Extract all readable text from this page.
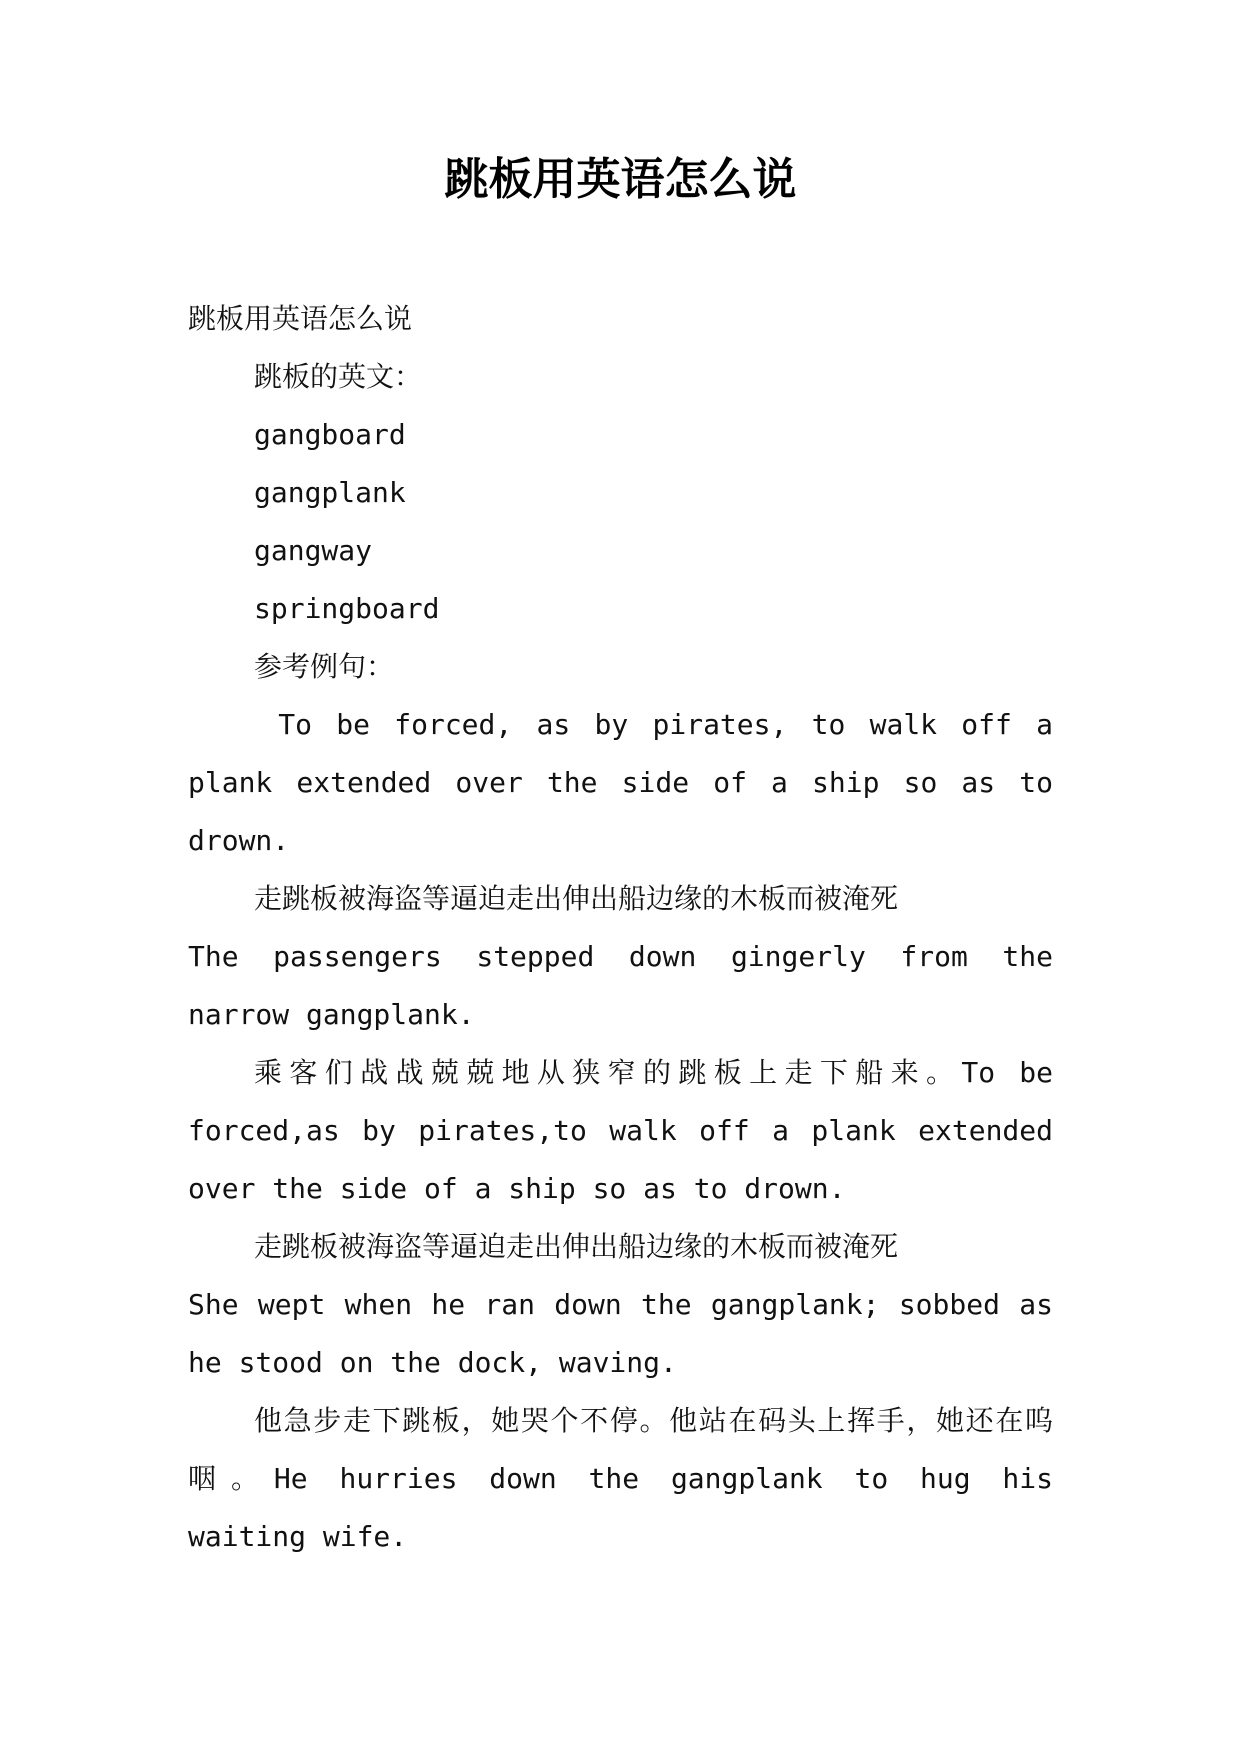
跳板用英语怎么说

跳板用英语怎么说

跳板的英文：

gangboard

gangplank

gangway

springboard

参考例句：

To be forced, as by pirates, to walk off a plank extended over the side of a ship so as to drown.

走跳板被海盗等逼迫走出伸出船边缘的木板而被淹死

The passengers stepped down gingerly from the narrow gangplank.

乘客们战战兢兢地从狭窄的跳板上走下船来。To be forced,as by pirates,to walk off a plank extended over the side of a ship so as to drown.

走跳板被海盗等逼迫走出伸出船边缘的木板而被淹死

She wept when he ran down the gangplank; sobbed as he stood on the dock, waving.

他急步走下跳板，她哭个不停。他站在码头上挥手，她还在呜咽。He hurries down the gangplank to hug his waiting wife.
